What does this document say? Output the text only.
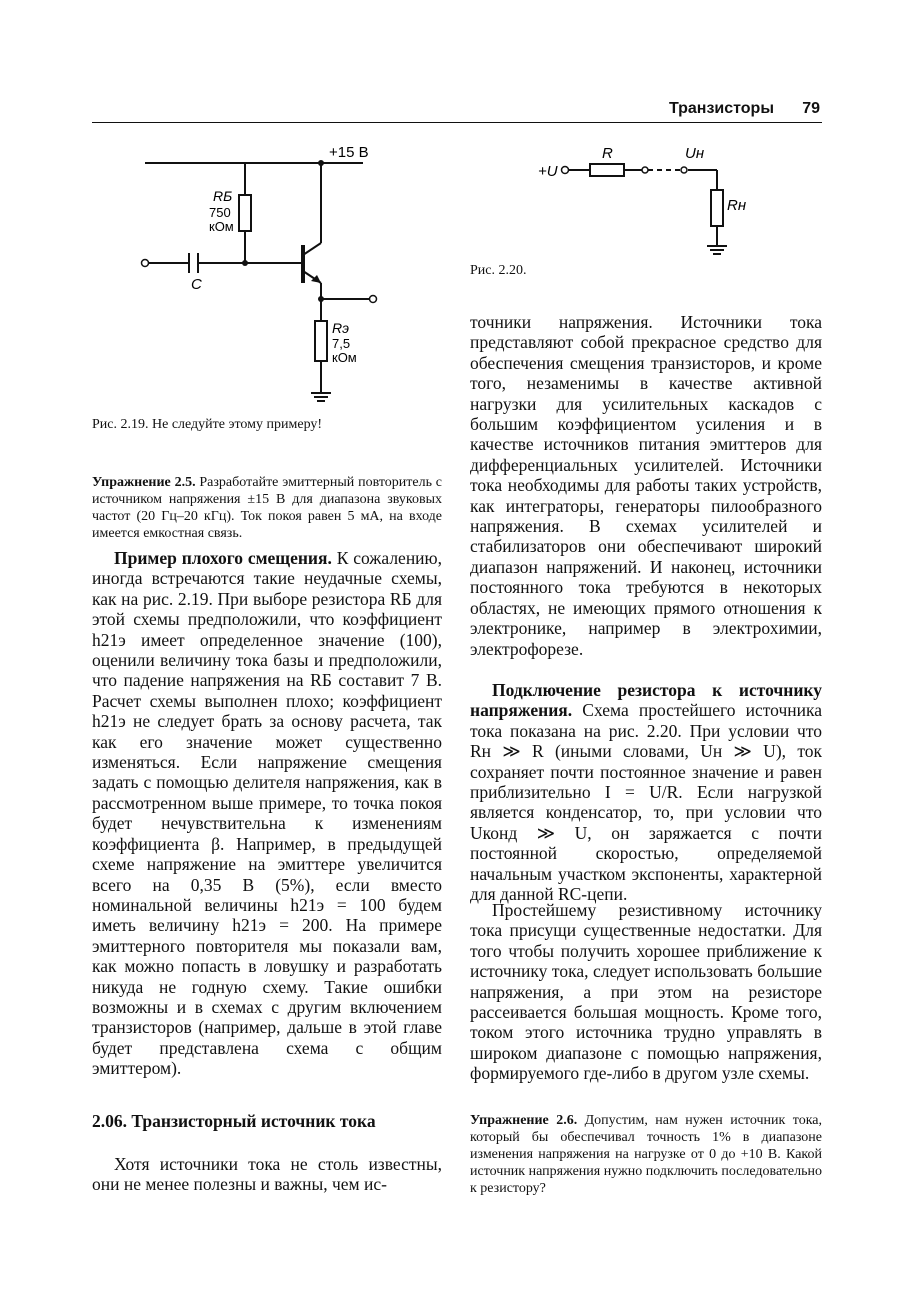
Транзисторы 79
+15 В
RБ
750
кОм
C
Rэ
7,5
кОм
Рис. 2.19. Не следуйте этому примеру!
Упражнение 2.5. Разработайте эмиттерный повторитель с источником напряжения ±15 В для диапазона звуковых частот (20 Гц–20 кГц). Ток покоя равен 5 мА, на входе имеется емкостная связь.

Пример плохого смещения. К сожалению, иногда встречаются такие неудачные схемы, как на рис. 2.19. При выборе резистора RБ для этой схемы предположили, что коэффициент h21э имеет определенное значение (100), оценили величину тока базы и предположили, что падение напряжения на RБ составит 7 В. Расчет схемы выполнен плохо; коэффициент h21э не следует брать за основу расчета, так как его значение может существенно изменяться. Если напряжение смещения задать с помощью делителя напряжения, как в рассмотренном выше примере, то точка покоя будет нечувствительна к изменениям коэффициента β. Например, в предыдущей схеме напряжение на эмиттере увеличится всего на 0,35 В (5%), если вместо номинальной величины h21э = 100 будем иметь величину h21э = 200. На примере эмиттерного повторителя мы показали вам, как можно попасть в ловушку и разработать никуда не годную схему. Такие ошибки возможны и в схемах с другим включением транзисторов (например, дальше в этой главе будет представлена схема с общим эмиттером).

2.06. Транзисторный источник тока

Хотя источники тока не столь известны, они не менее полезны и важны, чем ис-

+U
R	Uн
Rн
Рис. 2.20.

точники напряжения. Источники тока представляют собой прекрасное средство для обеспечения смещения транзисторов, и кроме того, незаменимы в качестве активной нагрузки для усилительных каскадов с большим коэффициентом усиления и в качестве источников питания эмиттеров для дифференциальных усилителей. Источники тока необходимы для работы таких устройств, как интеграторы, генераторы пилообразного напряжения. В схемах усилителей и стабилизаторов они обеспечивают широкий диапазон напряжений. И наконец, источники постоянного тока требуются в некоторых областях, не имеющих прямого отношения к электронике, например в электрохимии, электрофорезе.

Подключение резистора к источнику напряжения. Схема простейшего источника тока показана на рис. 2.20. При условии что Rн ≫ R (иными словами, Uн ≫ U), ток сохраняет почти постоянное значение и равен приблизительно I = U/R. Если нагрузкой является конденсатор, то, при условии что Uконд ≫ U, он заряжается с почти постоянной скоростью, определяемой начальным участком экспоненты, характерной для данной RC-цепи.

Простейшему резистивному источнику тока присущи существенные недостатки. Для того чтобы получить хорошее приближение к источнику тока, следует использовать большие напряжения, а при этом на резисторе рассеивается большая мощность. Кроме того, током этого источника трудно управлять в широком диапазоне с помощью напряжения, формируемого где-либо в другом узле схемы.

Упражнение 2.6. Допустим, нам нужен источник тока, который бы обеспечивал точность 1% в диапазоне изменения напряжения на нагрузке от 0 до +10 В. Какой источник напряжения нужно подключить последовательно к резистору?
